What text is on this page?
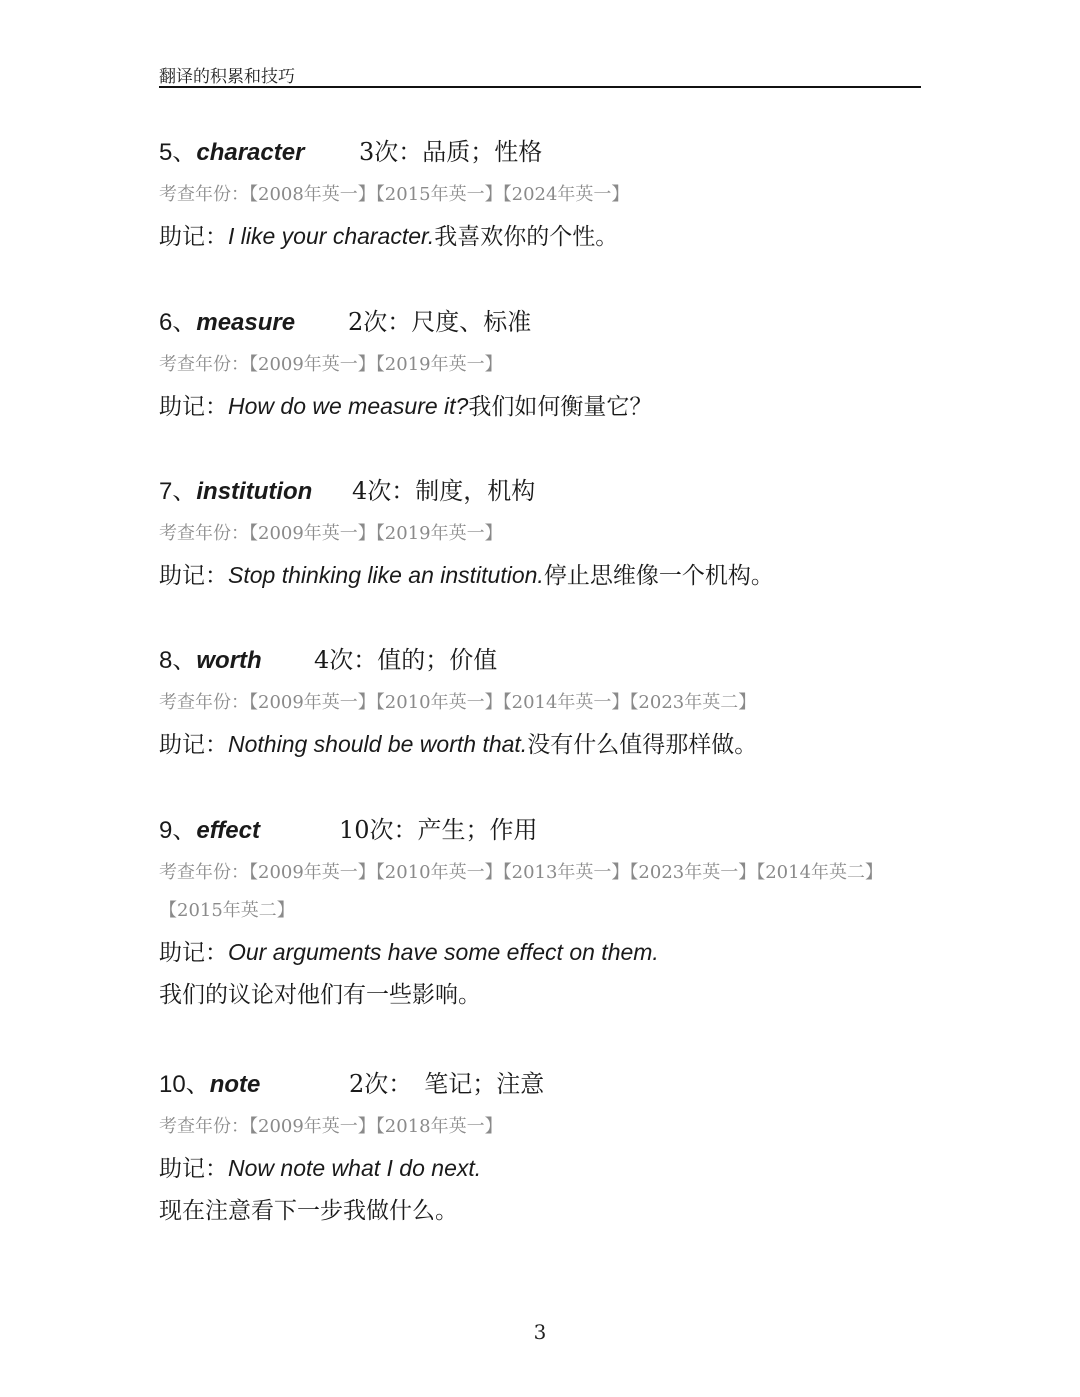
翻译的积累和技巧
5、character 3次：品质；性格
考查年份：【2008年英一】【2015年英一】【2024年英一】
助记：I like your character.我喜欢你的个性。
6、measure 2次：尺度、标准
考查年份：【2009年英一】【2019年英一】
助记：How do we measure it?我们如何衡量它？
7、institution 4次：制度，机构
考查年份：【2009年英一】【2019年英一】
助记：Stop thinking like an institution.停止思维像一个机构。
8、worth 4次：值的；价值
考查年份：【2009年英一】【2010年英一】【2014年英一】【2023年英二】
助记：Nothing should be worth that.没有什么值得那样做。
9、effect	10次：产生；作用
考查年份：【2009年英一】【2010年英一】【2013年英一】【2023年英一】【2014年英二】【2015年英二】
助记：Our arguments have some effect on them.
我们的议论对他们有一些影响。
10、note	2次：　笔记；注意
考查年份：【2009年英一】【2018年英一】
助记：Now note what I do next.
现在注意看下一步我做什么。
3
